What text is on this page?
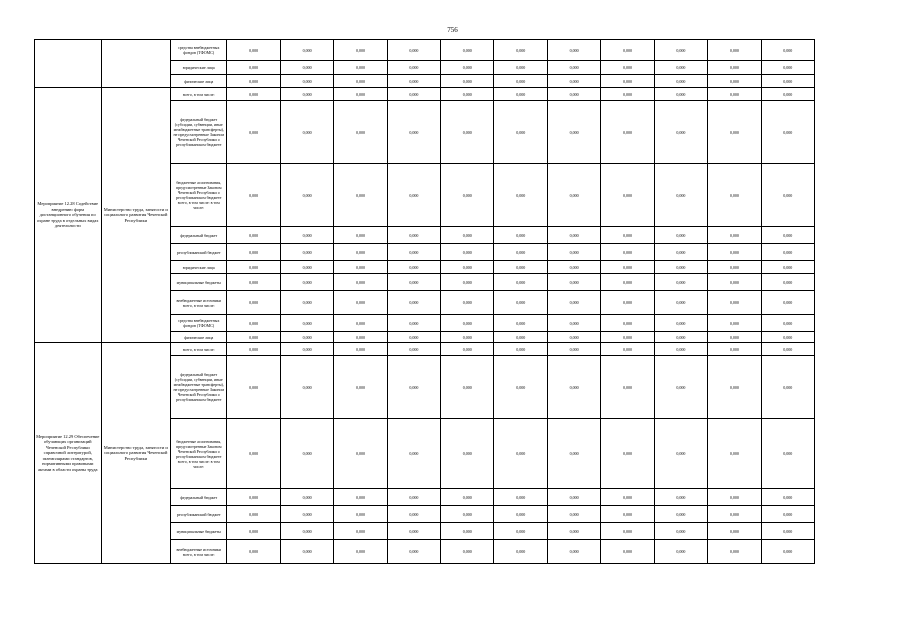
756
		средства внебюджетных фондов (ТФОМС)	0,000	0,000	0,000	0,000	0,000	0,000	0,000	0,000	0,000	0,000	0,000
		юридические лица	0,000	0,000	0,000	0,000	0,000	0,000	0,000	0,000	0,000	0,000	0,000
		физические лица	0,000	0,000	0,000	0,000	0,000	0,000	0,000	0,000	0,000	0,000	0,000
Мероприятие 12.28 Содействие внедрению форм дистанционного обучения по охране труда в отдельных видах деятельности	Министерство труда, занятости и социального развития Чеченской Республики	всего, в том числе:	0,000	0,000	0,000	0,000	0,000	0,000	0,000	0,000	0,000	0,000	0,000
		федеральный бюджет (субсидии, субвенции, иные межбюджетные трансферты), не предусмотренные Законом Чеченской Республики о республиканском бюджете	0,000	0,000	0,000	0,000	0,000	0,000	0,000	0,000	0,000	0,000	0,000
		бюджетные ассигнования, предусмотренные Законом Чеченской Республики о республиканском бюджете всего, в том числе: в том числе:	0,000	0,000	0,000	0,000	0,000	0,000	0,000	0,000	0,000	0,000	0,000
		федеральный бюджет	0,000	0,000	0,000	0,000	0,000	0,000	0,000	0,000	0,000	0,000	0,000
		республиканский бюджет	0,000	0,000	0,000	0,000	0,000	0,000	0,000	0,000	0,000	0,000	0,000
		юридические лица	0,000	0,000	0,000	0,000	0,000	0,000	0,000	0,000	0,000	0,000	0,000
		муниципальные бюджеты	0,000	0,000	0,000	0,000	0,000	0,000	0,000	0,000	0,000	0,000	0,000
		внебюджетные источники всего, в том числе:	0,000	0,000	0,000	0,000	0,000	0,000	0,000	0,000	0,000	0,000	0,000
		средства внебюджетных фондов (ТФОМС)	0,000	0,000	0,000	0,000	0,000	0,000	0,000	0,000	0,000	0,000	0,000
		физические лица	0,000	0,000	0,000	0,000	0,000	0,000	0,000	0,000	0,000	0,000	0,000
Мероприятие 12.29 Обеспечение обучающих организаций Чеченской Республики справочной литературой, экземплярами стандартов, нормативными правовыми актами в области охраны труда	Министерство труда, занятости и социального развития Чеченской Республики	всего, в том числе:	0,000	0,000	0,000	0,000	0,000	0,000	0,000	0,000	0,000	0,000	0,000
		федеральный бюджет (субсидии, субвенции, иные межбюджетные трансферты), не предусмотренные Законом Чеченской Республики о республиканском бюджете	0,000	0,000	0,000	0,000	0,000	0,000	0,000	0,000	0,000	0,000	0,000
		бюджетные ассигнования, предусмотренные Законом Чеченской Республики о республиканском бюджете всего, в том числе: в том числе:	0,000	0,000	0,000	0,000	0,000	0,000	0,000	0,000	0,000	0,000	0,000
		федеральный бюджет	0,000	0,000	0,000	0,000	0,000	0,000	0,000	0,000	0,000	0,000	0,000
		республиканский бюджет	0,000	0,000	0,000	0,000	0,000	0,000	0,000	0,000	0,000	0,000	0,000
		муниципальные бюджеты	0,000	0,000	0,000	0,000	0,000	0,000	0,000	0,000	0,000	0,000	0,000
		внебюджетные источники всего, в том числе:	0,000	0,000	0,000	0,000	0,000	0,000	0,000	0,000	0,000	0,000	0,000
